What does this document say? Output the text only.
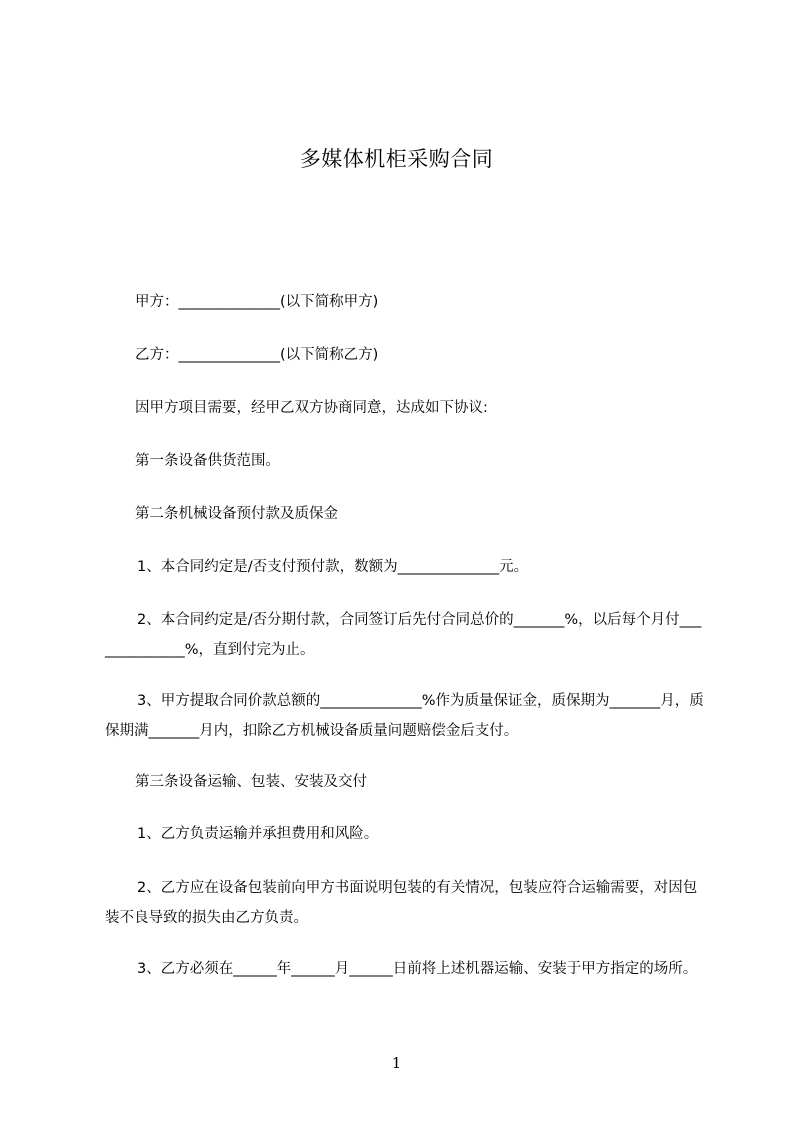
多媒体机柜采购合同
甲方：______________(以下简称甲方)
乙方：______________(以下简称乙方)
因甲方项目需要，经甲乙双方协商同意，达成如下协议:
第一条设备供货范围。
第二条机械设备预付款及质保金
1、本合同约定是/否支付预付款，数额为______________元。
2、本合同约定是/否分期付款，合同签订后先付合同总价的_______%，以后每个月付______________%，直到付完为止。
3、甲方提取合同价款总额的______________%作为质量保证金，质保期为_______月，质保期满_______月内，扣除乙方机械设备质量问题赔偿金后支付。
第三条设备运输、包装、安装及交付
1、乙方负责运输并承担费用和风险。
2、乙方应在设备包装前向甲方书面说明包装的有关情况，包装应符合运输需要，对因包装不良导致的损失由乙方负责。
3、乙方必须在______年______月______日前将上述机器运输、安装于甲方指定的场所。
1
